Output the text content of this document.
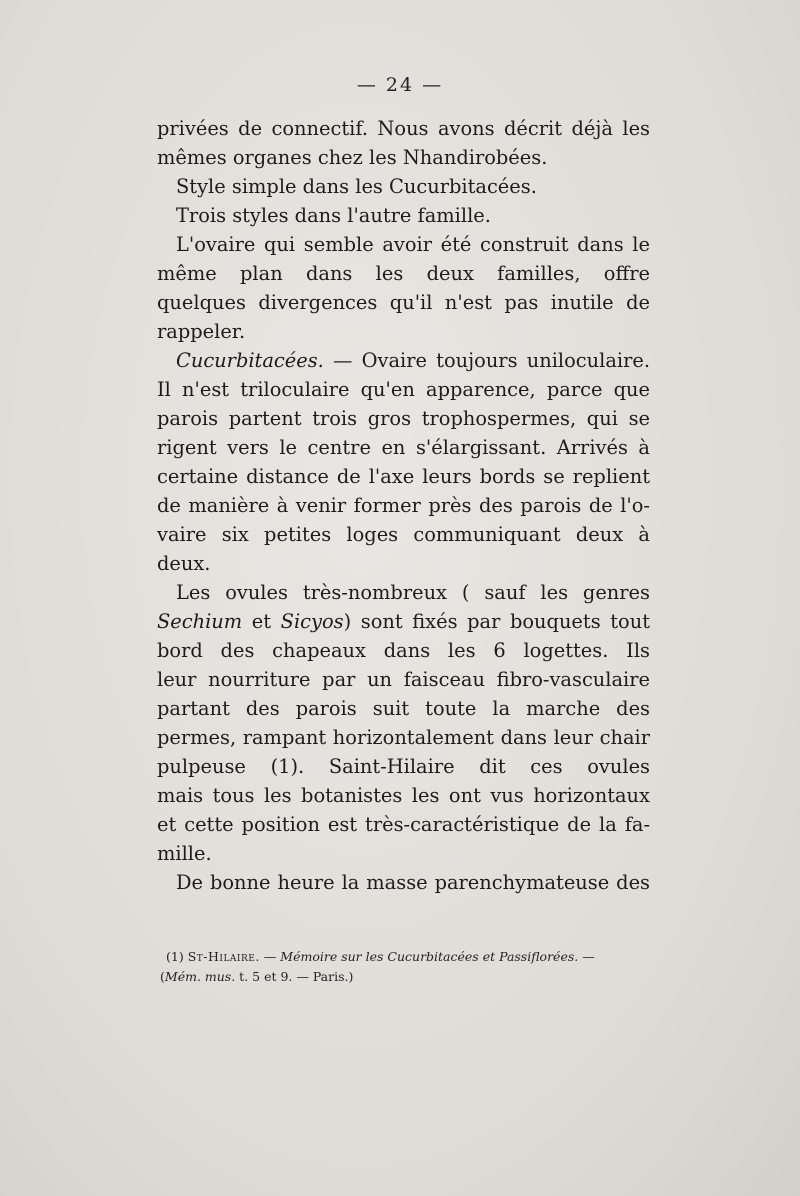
— 24 —
privées de connectif. Nous avons décrit déjà les
mêmes organes chez les Nhandirobées.
Style simple dans les Cucurbitacées.
Trois styles dans l'autre famille.
L'ovaire qui semble avoir été construit dans le
même plan dans les deux familles, offre
quelques divergences qu'il n'est pas inutile de
rappeler.
Cucurbitacées. — Ovaire toujours uniloculaire.
Il n'est triloculaire qu'en apparence, parce que
parois partent trois gros trophospermes, qui se
rigent vers le centre en s'élargissant. Arrivés à
certaine distance de l'axe leurs bords se replient
de manière à venir former près des parois de l'o-
vaire six petites loges communiquant deux à
deux.
Les ovules très-nombreux ( sauf les genres
Sechium et Sicyos) sont fixés par bouquets tout
bord des chapeaux dans les 6 logettes. Ils
leur nourriture par un faisceau fibro-vasculaire
partant des parois suit toute la marche des
permes, rampant horizontalement dans leur chair
pulpeuse (1). Saint-Hilaire dit ces ovules
mais tous les botanistes les ont vus horizontaux
et cette position est très-caractéristique de la fa-
mille.
De bonne heure la masse parenchymateuse des
(1) St-Hilaire. — Mémoire sur les Cucurbitacées et Passiflorées. —
(Mém. mus. t. 5 et 9. — Paris.)
